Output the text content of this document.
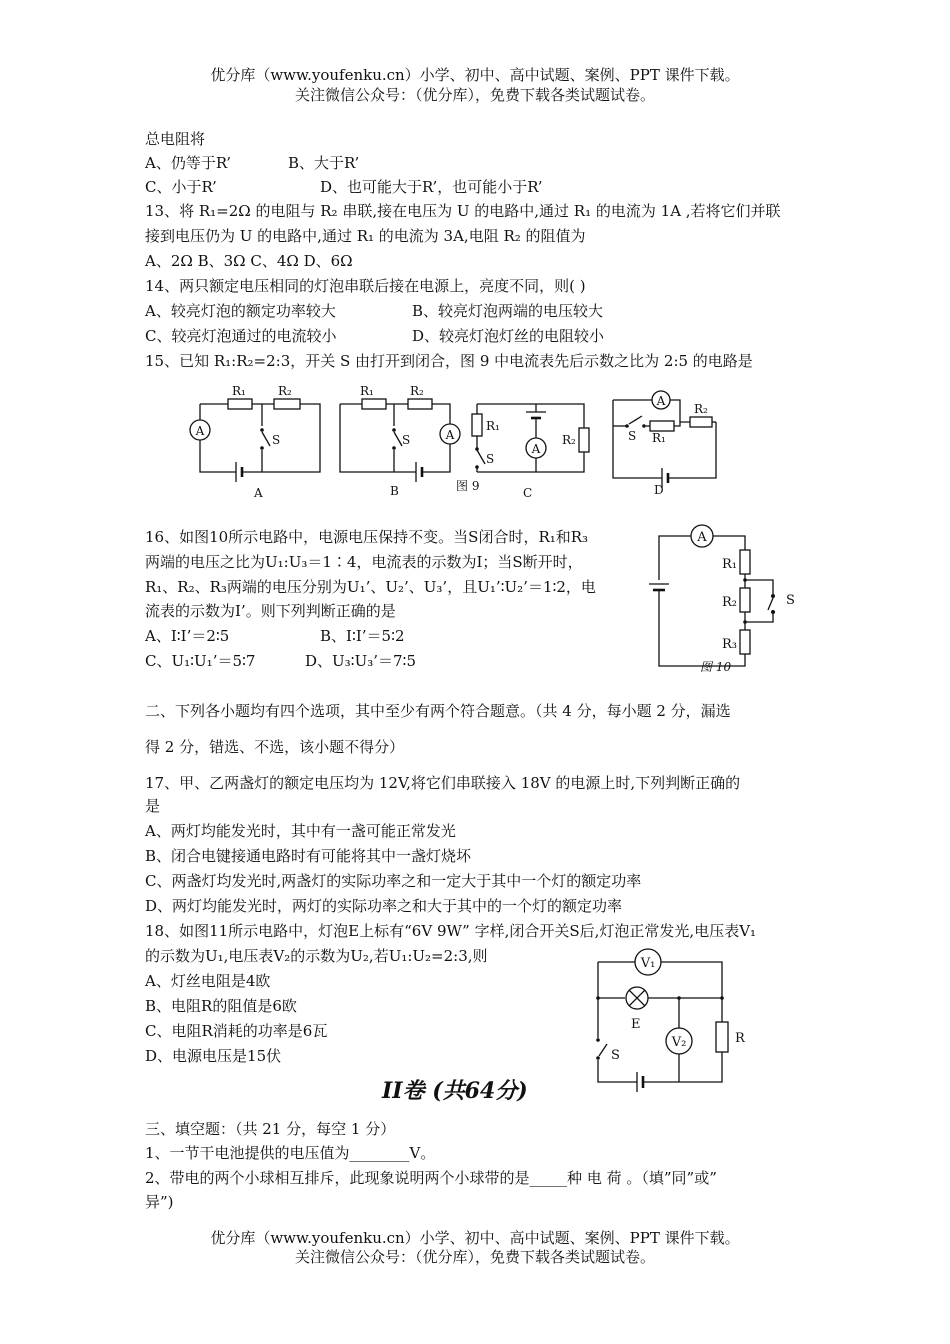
优分库（www.youfenku.cn）小学、初中、高中试题、案例、PPT 课件下载。
关注微信公众号：（优分库），免费下载各类试题试卷。
总电阻将
A、仍等于R’	B、大于R’
C、小于R’	D、也可能大于R’，也可能小于R’
13、将 R₁=2Ω 的电阻与 R₂ 串联,接在电压为 U 的电路中,通过 R₁ 的电流为 1A ,若将它们并联
接到电压仍为 U 的电路中,通过 R₁ 的电流为 3A,电阻 R₂ 的阻值为
A、2Ω B、3Ω C、4Ω D、6Ω
14、两只额定电压相同的灯泡串联后接在电源上，亮度不同，则( )
A、较亮灯泡的额定功率较大	B、较亮灯泡两端的电压较大
C、较亮灯泡通过的电流较小	D、较亮灯泡灯丝的电阻较小
15、已知 R₁:R₂=2:3，开关 S 由打开到闭合，图 9 中电流表先后示数之比为 2:5 的电路是
A
R₁	R₂
S
A
A
R₁	R₂
S
B
A
R₁
R₂
S
图 9	C
A
R₂
R₁
S
D
16、如图10所示电路中，电源电压保持不变。当S闭合时，R₁和R₃
两端的电压之比为U₁:U₃＝1∶4，电流表的示数为I；当S断开时，
R₁、R₂、R₃两端的电压分别为U₁’、U₂’、U₃’，且U₁’∶U₂’＝1∶2，电
流表的示数为I’。则下列判断正确的是
A、I∶I’＝2∶5	B、I∶I’＝5∶2
C、U₁∶U₁’＝5∶7	D、U₃∶U₃’＝7∶5
A
R₁
R₂
R₃
S
图 10
二、下列各小题均有四个选项，其中至少有两个符合题意。（共 4 分，每小题 2 分，漏选
得 2 分，错选、不选，该小题不得分）
17、甲、乙两盏灯的额定电压均为 12V,将它们串联接入 18V 的电源上时,下列判断正确的
是
A、两灯均能发光时，其中有一盏可能正常发光
B、闭合电键接通电路时有可能将其中一盏灯烧坏
C、两盏灯均发光时,两盏灯的实际功率之和一定大于其中一个灯的额定功率
D、两灯均能发光时，两灯的实际功率之和大于其中的一个灯的额定功率
18、如图11所示电路中，灯泡E上标有“6V 9W” 字样,闭合开关S后,灯泡正常发光,电压表V₁
的示数为U₁,电压表V₂的示数为U₂,若U₁:U₂=2:3,则
A、灯丝电阻是4欧
B、电阻R的阻值是6欧
C、电阻R消耗的功率是6瓦
D、电源电压是15伏
V₁
E
V₂	R
S
II卷 (共64分)
三、填空题：（共 21 分，每空 1 分）
1、一节干电池提供的电压值为________V。
2、带电的两个小球相互排斥，此现象说明两个小球带的是_____种 电 荷 。（填”同”或”
异”)
优分库（www.youfenku.cn）小学、初中、高中试题、案例、PPT 课件下载。
关注微信公众号：（优分库），免费下载各类试题试卷。
